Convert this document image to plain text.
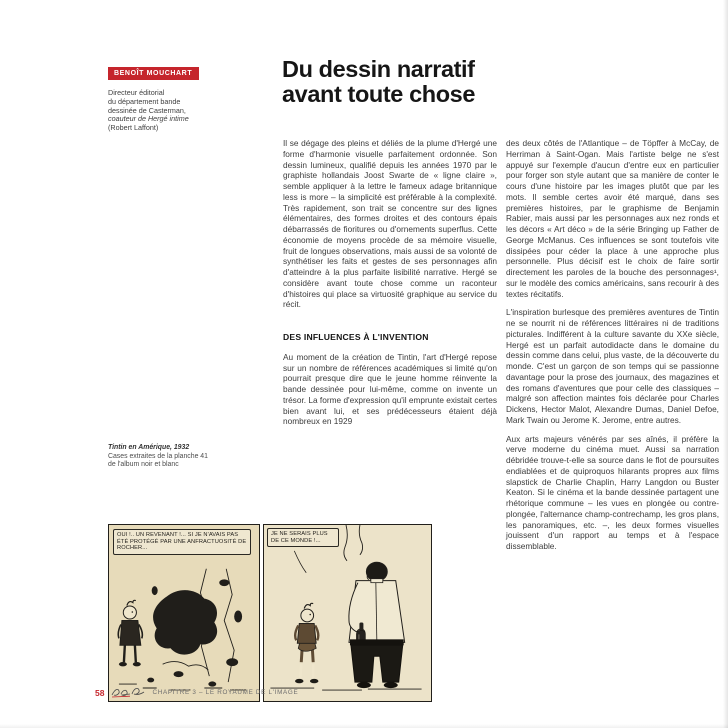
BENOÎT MOUCHART
Directeur éditorial
du département bande
dessinée de Casterman,
coauteur de Hergé intime
(Robert Laffont)
Du dessin narratif
avant toute chose

Il se dégage des pleins et déliés de la plume d'Hergé une forme d'harmonie visuelle parfaitement ordonnée. Son dessin lumineux, qualifié depuis les années 1970 par le graphiste hollandais Joost Swarte de « ligne claire », semble appliquer à la lettre le fameux adage britannique less is more – la simplicité est préférable à la complexité. Très rapidement, son trait se concentre sur des lignes élémentaires, des formes droites et des contours épais débarrassés de fioritures ou d'ornements superflus. Cette économie de moyens procède de sa mémoire visuelle, fruit de longues observations, mais aussi de sa volonté de synthétiser les faits et gestes de ses personnages afin d'atteindre à la plus parfaite lisibilité narrative. Hergé se considère avant toute chose comme un raconteur d'histoires qui place sa virtuosité graphique au service du récit.

DES INFLUENCES À L'INVENTION

Au moment de la création de Tintin, l'art d'Hergé repose sur un nombre de références académiques si limité qu'on pourrait presque dire que le jeune homme réinvente la bande dessinée pour lui-même, comme on invente un trésor. La forme d'expression qu'il emprunte existait certes bien avant lui, et ses prédécesseurs étaient déjà nombreux en 1929

des deux côtés de l'Atlantique – de Töpffer à McCay, de Herriman à Saint-Ogan. Mais l'artiste belge ne s'est appuyé sur l'exemple d'aucun d'entre eux en particulier pour forger son style autant que sa manière de conter le cours d'une histoire par les images plutôt que par les mots. Il semble certes avoir été marqué, dans ses premières histoires, par le graphisme de Benjamin Rabier, mais aussi par les personnages aux nez ronds et les décors « Art déco » de la série Bringing up Father de George McManus. Ces influences se sont toutefois vite dissipées pour céder la place à une approche plus personnelle. Plus décisif est le choix de faire sortir directement les paroles de la bouche des personnages¹, sur le modèle des comics américains, sans recourir à des textes récitatifs.

L'inspiration burlesque des premières aventures de Tintin ne se nourrit ni de références littéraires ni de traditions picturales. Indifférent à la culture savante du XXe siècle, Hergé est un parfait autodidacte dans le domaine du dessin comme dans celui, plus vaste, de la découverte du monde. C'est un garçon de son temps qui se passionne davantage pour la prose des journaux, des magazines et des romans d'aventures que pour celle des classiques – malgré son affection maintes fois déclarée pour Charles Dickens, Hector Malot, Alexandre Dumas, Daniel Defoe, Mark Twain ou Jerome K. Jerome, entre autres.

Aux arts majeurs vénérés par ses aînés, il préfère la verve moderne du cinéma muet. Aussi sa narration débridée trouve-t-elle sa source dans le flot de poursuites endiablées et de quiproquos hilarants propres aux films slapstick de Charlie Chaplin, Harry Langdon ou Buster Keaton. Si le cinéma et la bande dessinée partagent une rhétorique commune – les vues en plongée ou contre-plongée, l'alternance champ-contrechamp, les gros plans, les panoramiques, etc. –, les deux formes visuelles jouissent d'un rapport au temps et à l'espace dissemblable.

Tintin en Amérique, 1932
Cases extraites de la planche 41
de l'album noir et blanc
OUI !.. UN REVENANT !... SI JE N'AVAIS PAS ÉTÉ PROTÉGÉ PAR UNE ANFRACTUOSITÉ DE ROCHER...
JE NE SERAIS PLUS DE CE MONDE !...
58	CHAPITRE 3 – LE ROYAUME DE L'IMAGE
